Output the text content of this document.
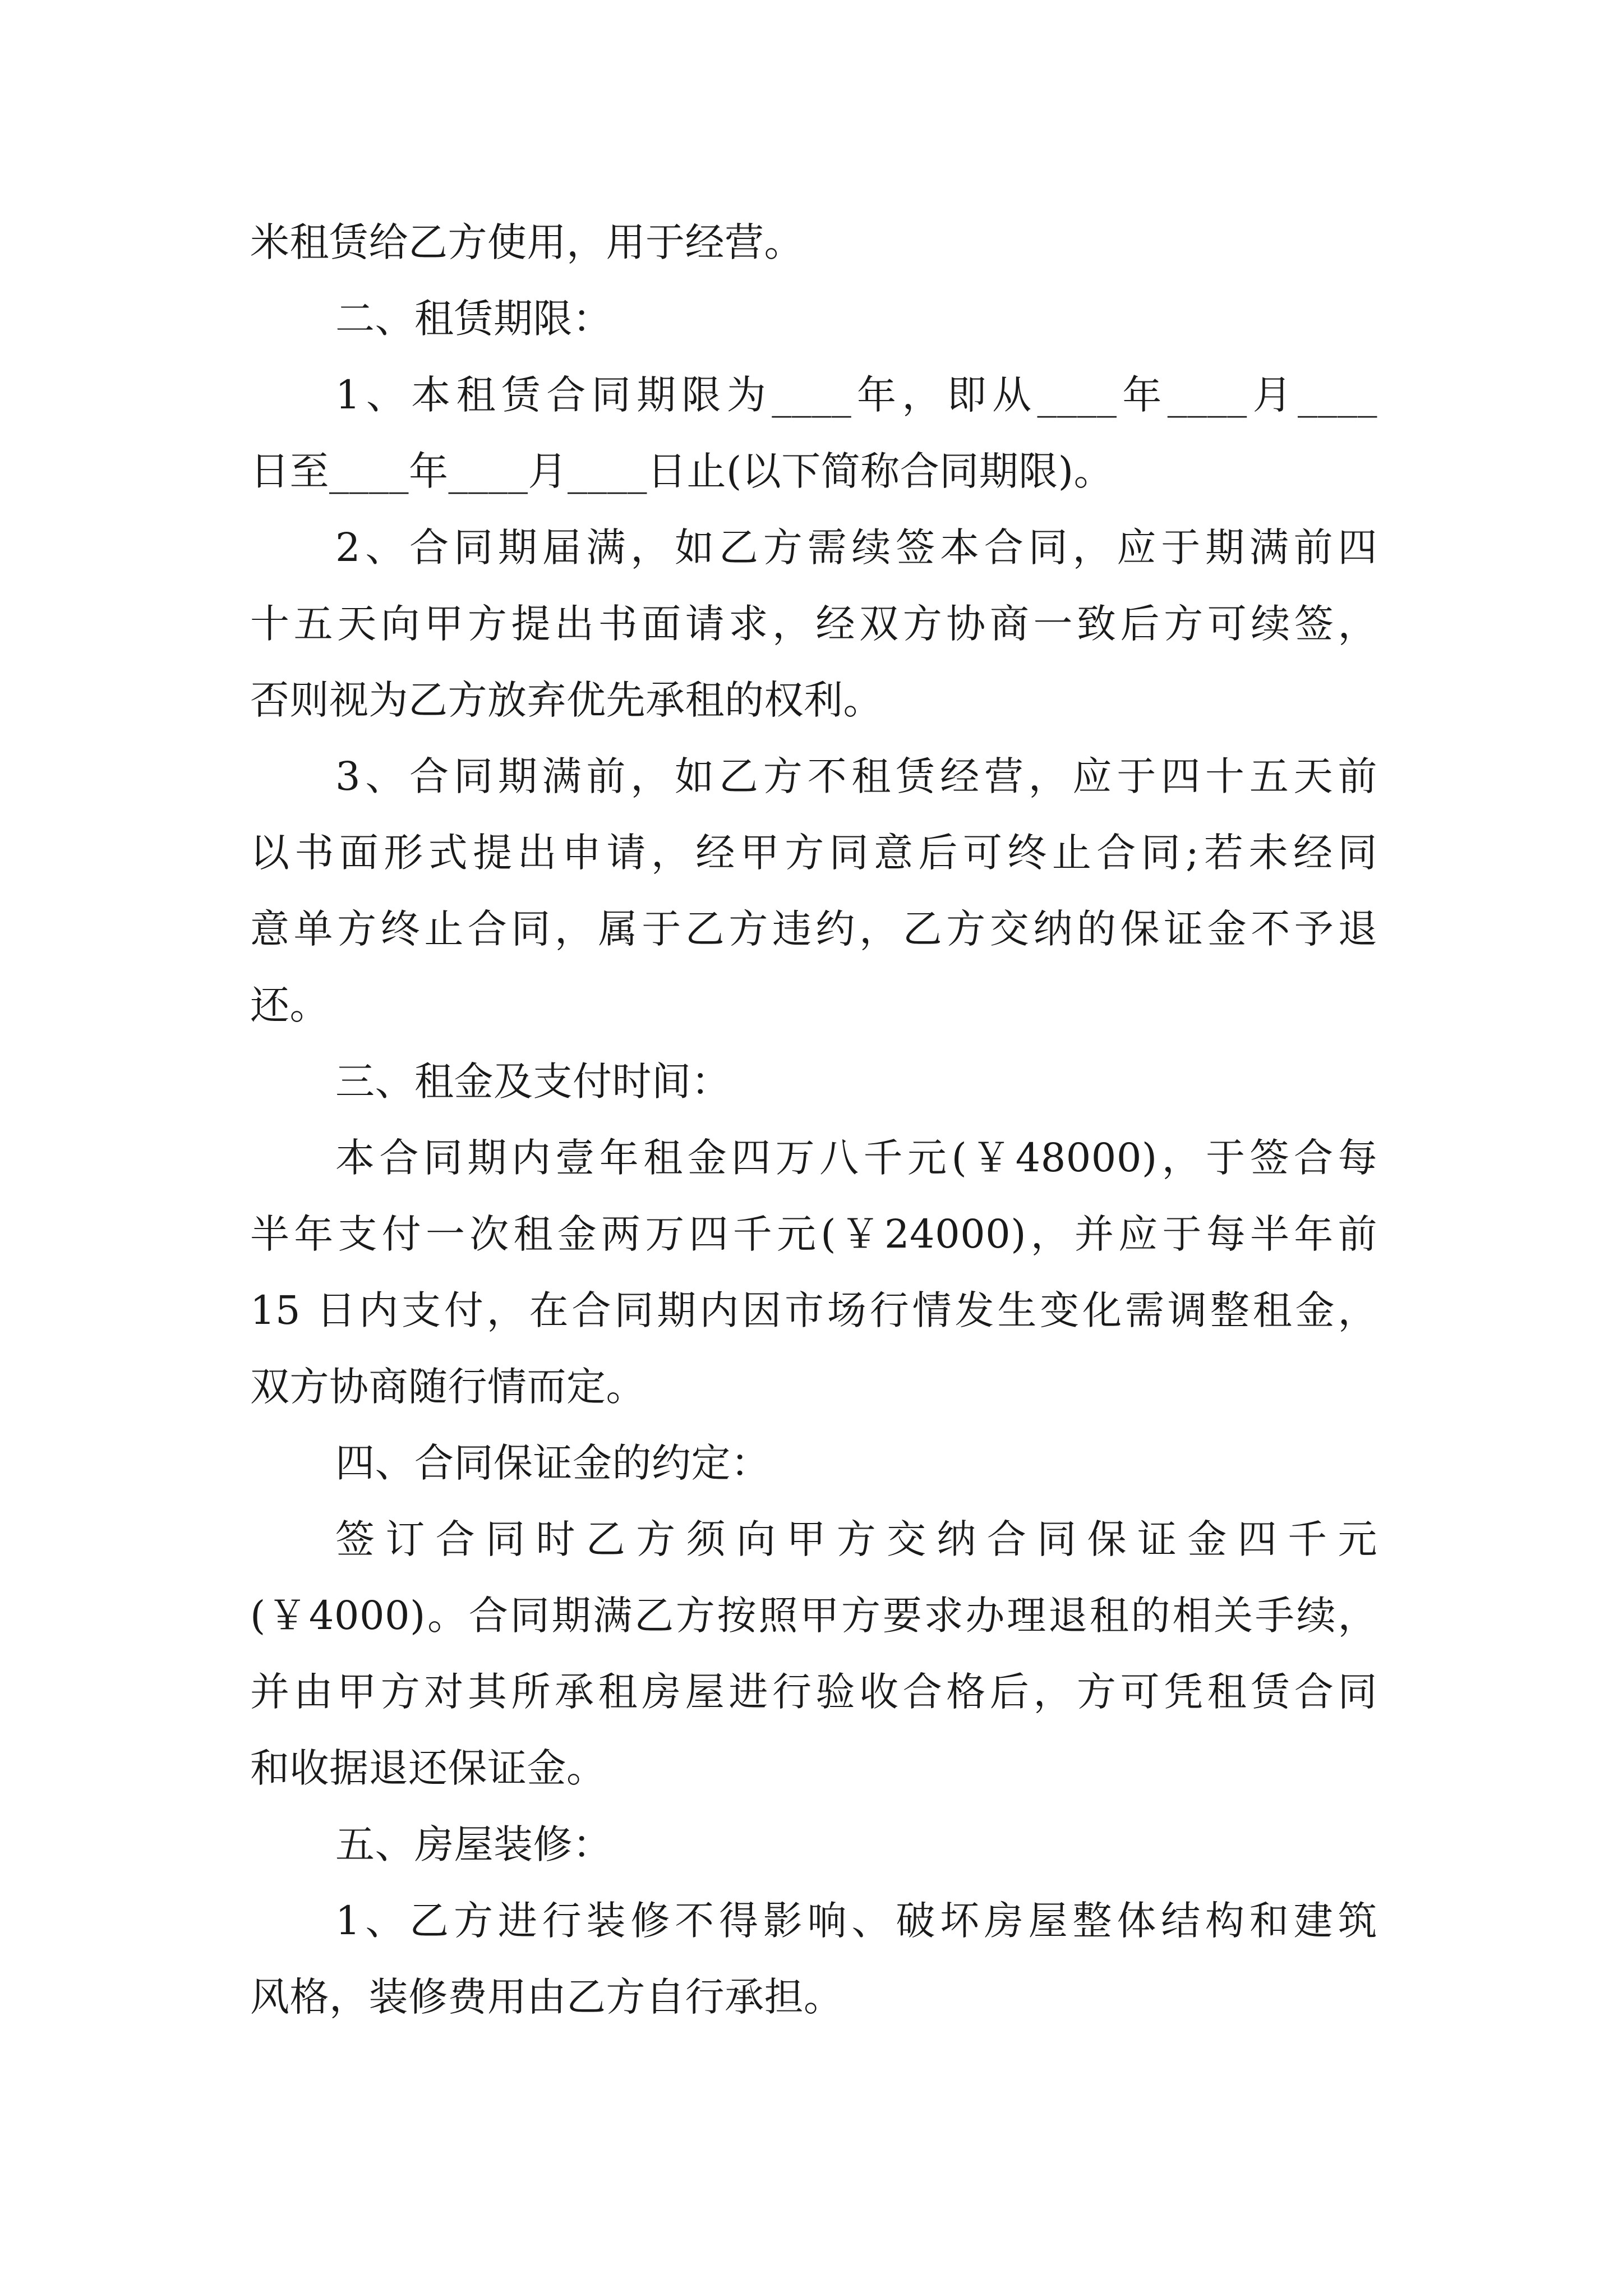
米租赁给乙方使用，用于经营。

二、租赁期限：

1、本租赁合同期限为____年，即从____年____月____

日至____年____月____日止(以下简称合同期限)。

2、合同期届满，如乙方需续签本合同，应于期满前四

十五天向甲方提出书面请求，经双方协商一致后方可续签，

否则视为乙方放弃优先承租的权利。

3、合同期满前，如乙方不租赁经营，应于四十五天前

以书面形式提出申请，经甲方同意后可终止合同;若未经同

意单方终止合同，属于乙方违约，乙方交纳的保证金不予退

还。

三、租金及支付时间：

本合同期内壹年租金四万八千元(￥48000)，于签合每

半年支付一次租金两万四千元(￥24000)，并应于每半年前

15 日内支付，在合同期内因市场行情发生变化需调整租金，

双方协商随行情而定。

四、合同保证金的约定：

签订合同时乙方须向甲方交纳合同保证金四千元

(￥4000)。合同期满乙方按照甲方要求办理退租的相关手续，

并由甲方对其所承租房屋进行验收合格后，方可凭租赁合同

和收据退还保证金。

五、房屋装修：

1、乙方进行装修不得影响、破坏房屋整体结构和建筑

风格，装修费用由乙方自行承担。
